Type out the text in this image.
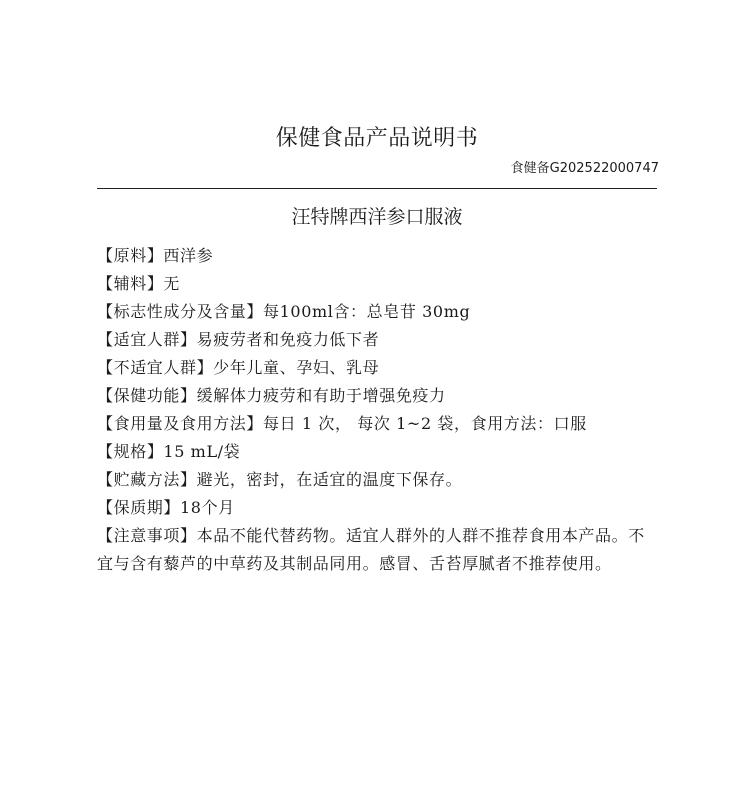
保健食品产品说明书
食健备G202522000747
汪特牌西洋参口服液
【原料】西洋参
【辅料】无
【标志性成分及含量】每100ml含：总皂苷 30mg
【适宜人群】易疲劳者和免疫力低下者
【不适宜人群】少年儿童、孕妇、乳母
【保健功能】缓解体力疲劳和有助于增强免疫力
【食用量及食用方法】每日 1 次， 每次 1~2 袋，食用方法：口服
【规格】15 mL/袋
【贮藏方法】避光，密封，在适宜的温度下保存。
【保质期】18个月
【注意事项】本品不能代替药物。适宜人群外的人群不推荐食用本产品。不宜与含有藜芦的中草药及其制品同用。感冒、舌苔厚腻者不推荐使用。
